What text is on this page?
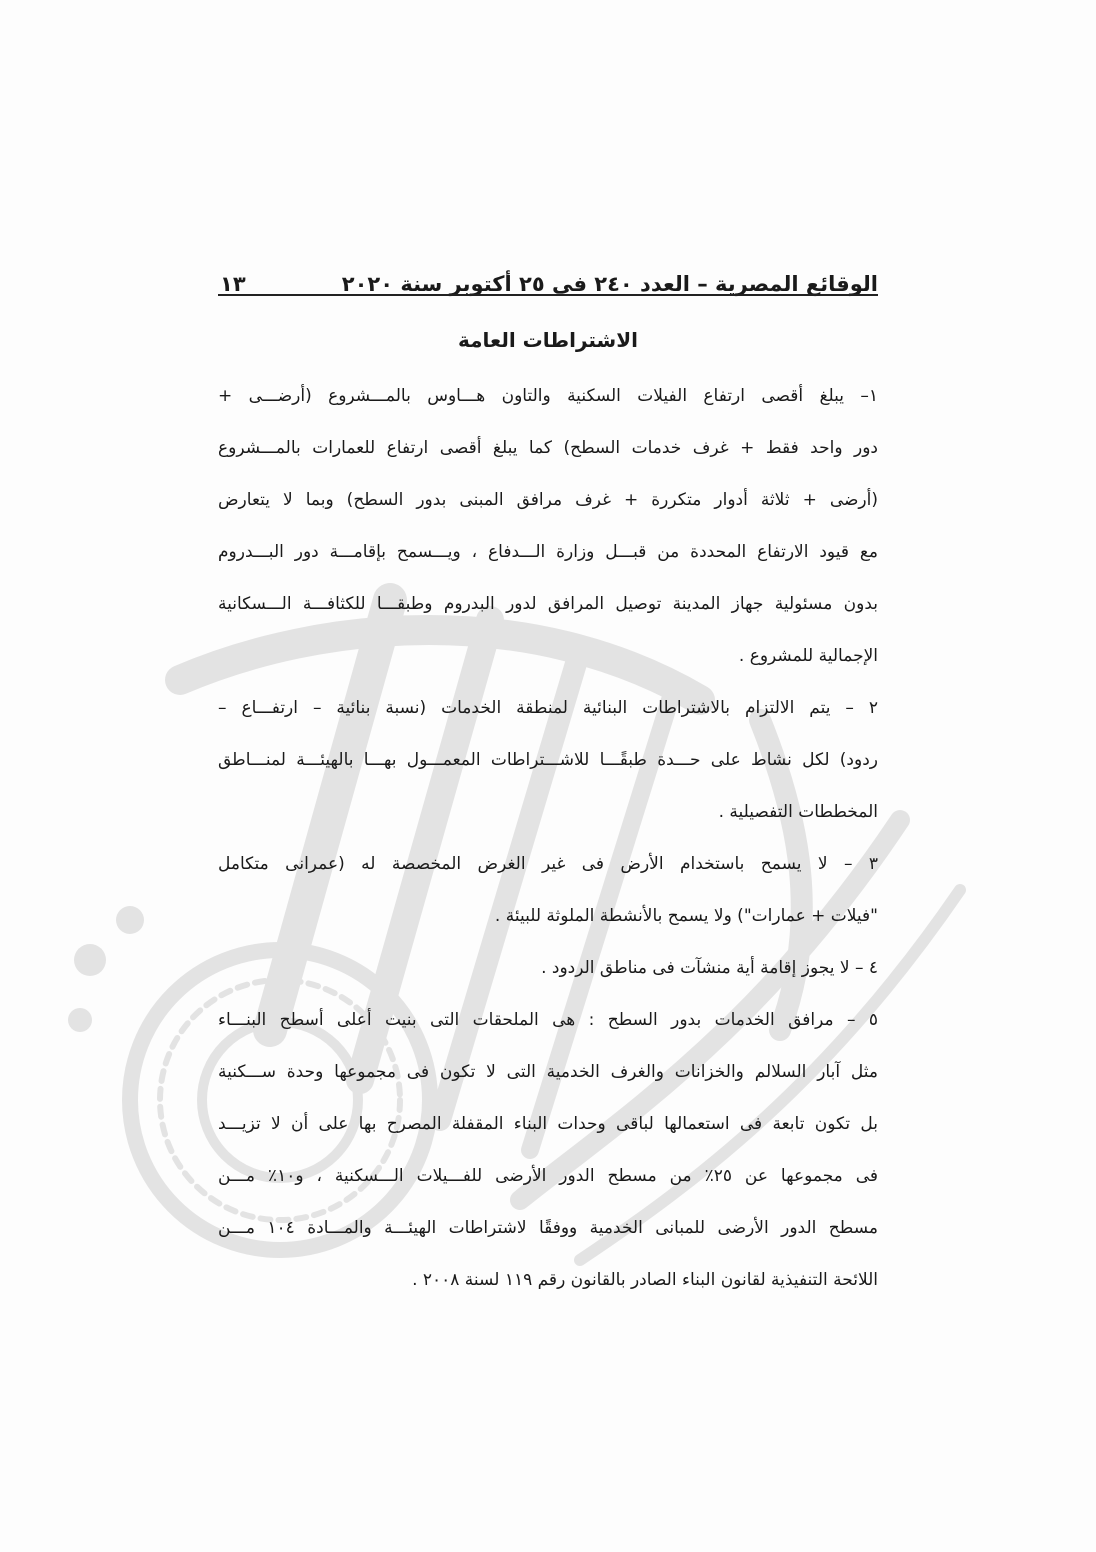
الوقائع المصرية – العدد ٢٤٠ فى ٢٥ أكتوبر سنة ٢٠٢٠
١٣
الاشتراطات العامة
١– يبلغ أقصى ارتفاع الفيلات السكنية والتاون هـــاوس بالمـــشروع (أرضـــى +
دور واحد فقط + غرف خدمات السطح) كما يبلغ أقصى ارتفاع للعمارات بالمـــشروع
(أرضى + ثلاثة أدوار متكررة + غرف مرافق المبنى بدور السطح) وبما لا يتعارض
مع قيود الارتفاع المحددة من قبـــل وزارة الـــدفاع ، ويـــسمح بإقامـــة دور البـــدروم
بدون مسئولية جهاز المدينة توصيل المرافق لدور البدروم وطبقـــا للكثافـــة الـــسكانية
الإجمالية للمشروع .
٢ – يتم الالتزام بالاشتراطات البنائية لمنطقة الخدمات (نسبة بنائية – ارتفـــاع –
ردود) لكل نشاط على حـــدة طبقًـــا للاشـــتراطات المعمـــول بهـــا بالهيئـــة لمنـــاطق
المخططات التفصيلية .
٣ – لا يسمح باستخدام الأرض فى غير الغرض المخصصة له (عمرانى متكامل
"فيلات + عمارات") ولا يسمح بالأنشطة الملوثة للبيئة .
٤ – لا يجوز إقامة أية منشآت فى مناطق الردود .
٥ – مرافق الخدمات بدور السطح : هى الملحقات التى بنيت أعلى أسطح البنـــاء
مثل آبار السلالم والخزانات والغرف الخدمية التى لا تكون فى مجموعها وحدة ســـكنية
بل تكون تابعة فى استعمالها لباقى وحدات البناء المقفلة المصرح بها على أن لا تزيـــد
فى مجموعها عن ٢٥٪ من مسطح الدور الأرضى للفـــيلات الـــسكنية ، و١٠٪ مـــن
مسطح الدور الأرضى للمبانى الخدمية ووفقًا لاشتراطات الهيئـــة والمـــادة ١٠٤ مـــن
اللائحة التنفيذية لقانون البناء الصادر بالقانون رقم ١١٩ لسنة ٢٠٠٨ .
